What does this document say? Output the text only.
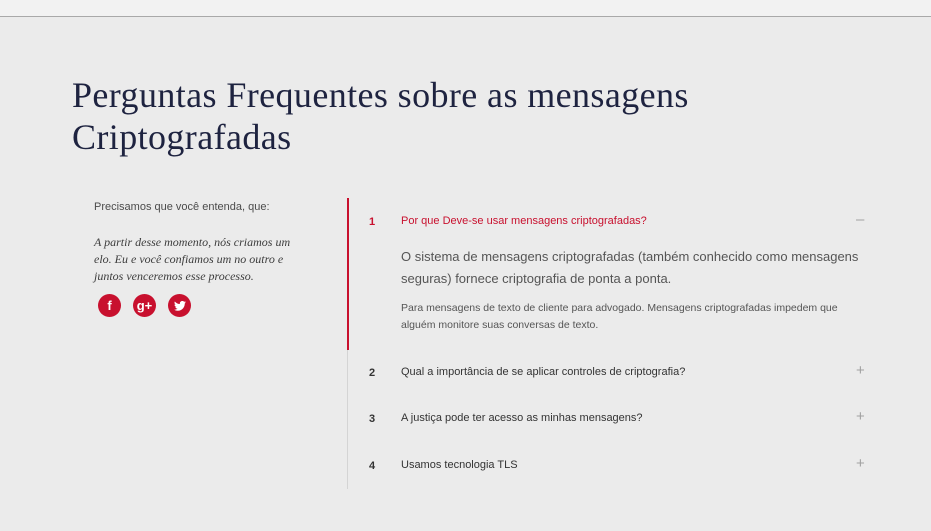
Perguntas Frequentes sobre as mensagens Criptografadas

Precisamos que você entenda, que:

A partir desse momento, nós criamos um elo. Eu e você confiamos um no outro e juntos venceremos esse processo.

f g+
1 Por que Deve-se usar mensagens criptografadas?	–

O sistema de mensagens criptografadas (também conhecido como mensagens seguras) fornece criptografia de ponta a ponta.

Para mensagens de texto de cliente para advogado. Mensagens criptografadas impedem que alguém monitore suas conversas de texto.

2 Qual a importância de se aplicar controles de criptografia?	+
3 A justiça pode ter acesso as minhas mensagens?	+
4 Usamos tecnologia TLS	+
